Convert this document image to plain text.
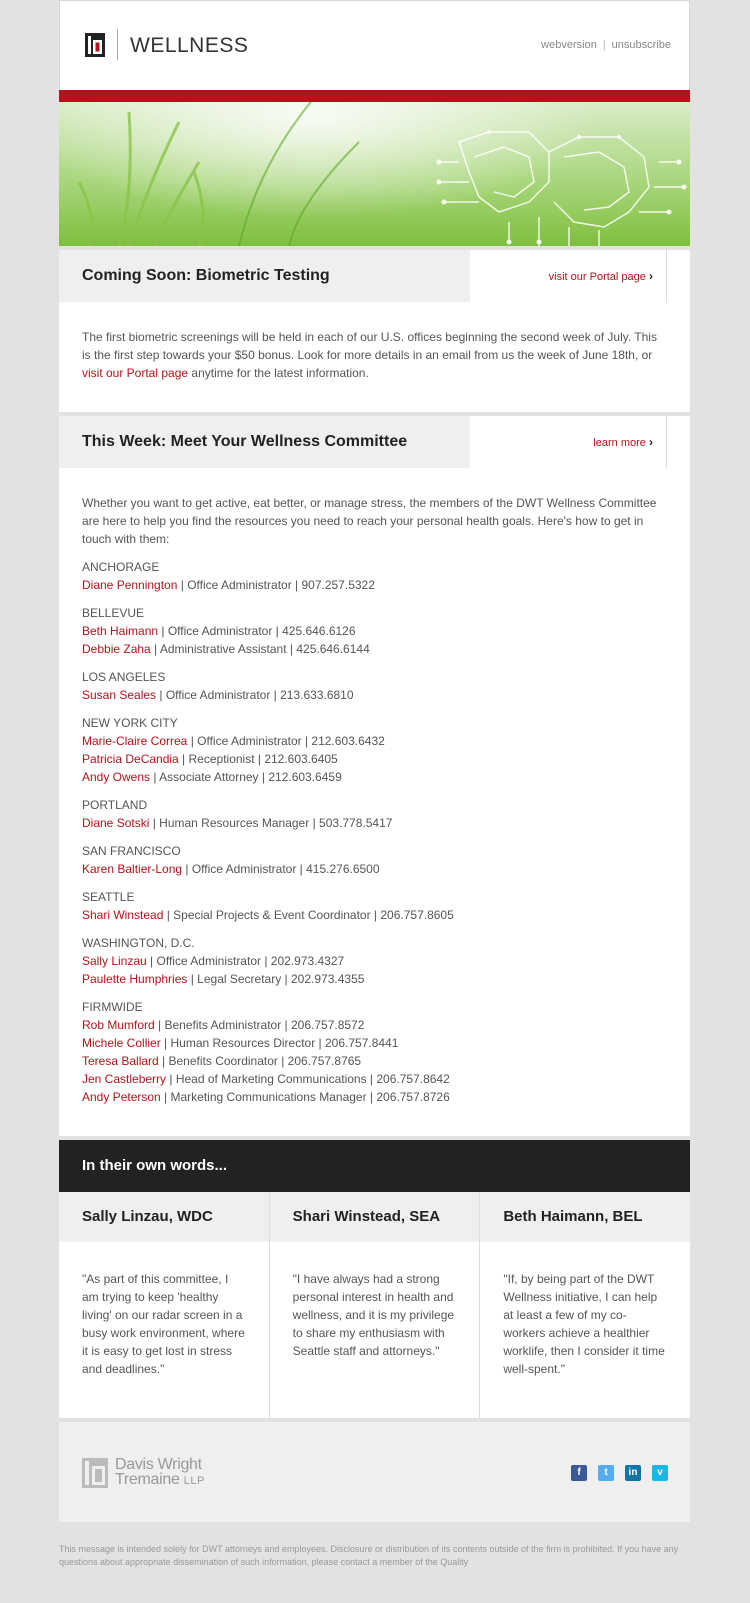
WELLNESS	webversion | unsubscribe
Coming Soon: Biometric Testing	visit our Portal page ›

The first biometric screenings will be held in each of our U.S. offices beginning the second week of July. This is the first step towards your $50 bonus. Look for more details in an email from us the week of June 18th, or visit our Portal page anytime for the latest information.

This Week: Meet Your Wellness Committee	learn more ›

Whether you want to get active, eat better, or manage stress, the members of the DWT Wellness Committee are here to help you find the resources you need to reach your personal health goals. Here's how to get in touch with them:

ANCHORAGE
Diane Pennington | Office Administrator | 907.257.5322
BELLEVUE
Beth Haimann | Office Administrator | 425.646.6126
Debbie Zaha | Administrative Assistant | 425.646.6144
LOS ANGELES
Susan Seales | Office Administrator | 213.633.6810
NEW YORK CITY
Marie-Claire Correa | Office Administrator | 212.603.6432
Patricia DeCandia | Receptionist | 212.603.6405
Andy Owens | Associate Attorney | 212.603.6459
PORTLAND
Diane Sotski | Human Resources Manager | 503.778.5417
SAN FRANCISCO
Karen Baltier-Long | Office Administrator | 415.276.6500
SEATTLE
Shari Winstead | Special Projects & Event Coordinator | 206.757.8605
WASHINGTON, D.C.
Sally Linzau | Office Administrator | 202.973.4327
Paulette Humphries | Legal Secretary | 202.973.4355
FIRMWIDE
Rob Mumford | Benefits Administrator | 206.757.8572
Michele Collier | Human Resources Director | 206.757.8441
Teresa Ballard | Benefits Coordinator | 206.757.8765
Jen Castleberry | Head of Marketing Communications | 206.757.8642
Andy Peterson | Marketing Communications Manager | 206.757.8726
In their own words...
Sally Linzau, WDC
"As part of this committee, I am trying to keep 'healthy living' on our radar screen in a busy work environment, where it is easy to get lost in stress and deadlines."
Shari Winstead, SEA
"I have always had a strong personal interest in health and wellness, and it is my privilege to share my enthusiasm with Seattle staff and attorneys."
Beth Haimann, BEL
"If, by being part of the DWT Wellness initiative, I can help at least a few of my co-workers achieve a healthier worklife, then I consider it time well-spent."
Davis Wright
Tremaine LLP
f	t	in	v
This message is intended solely for DWT attorneys and employees. Disclosure or distribution of its contents outside of the firm is prohibited. If you have any questions about appropriate dissemination of such information, please contact a member of the Quality
